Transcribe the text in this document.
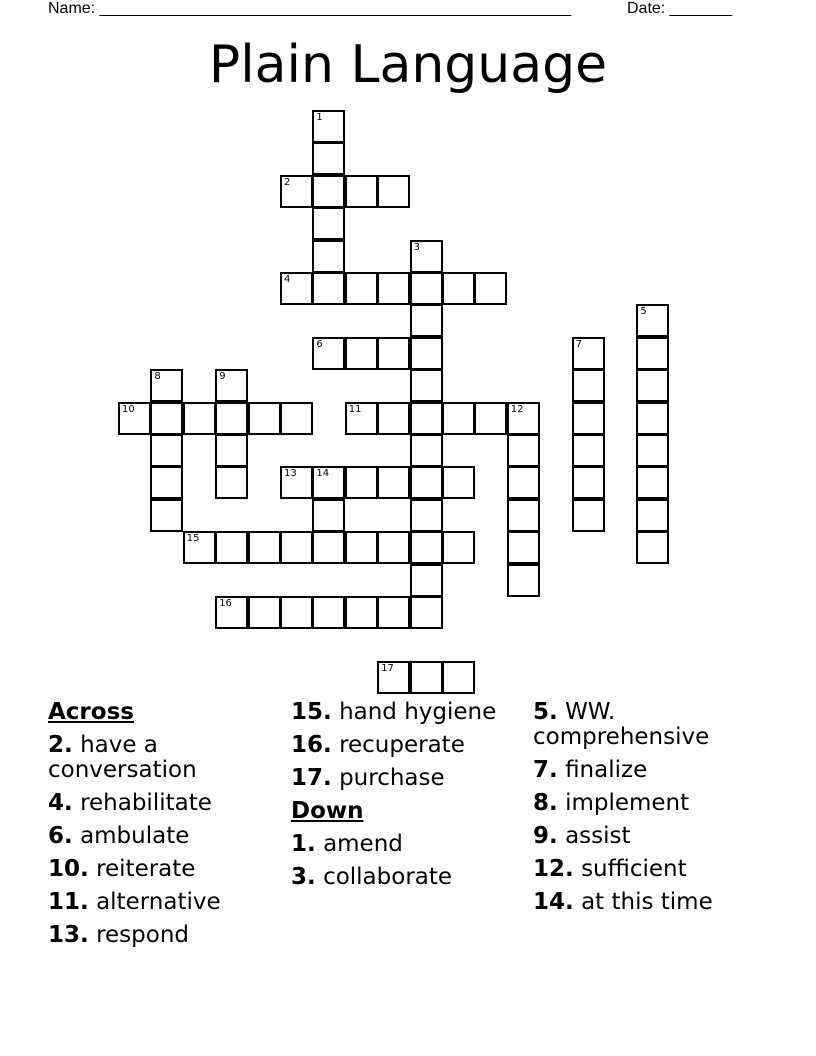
Name: _____________________________________________________	Date: _______
Plain Language
2
4
6
10	11	12
13 14
15
16
17
1
3
5
7
8	9
Across
2. have a conversation
4. rehabilitate
6. ambulate
10. reiterate
11. alternative
13. respond
15. hand hygiene
16. recuperate
17. purchase
Down
1. amend
3. collaborate
5. WW. comprehensive
7. finalize
8. implement
9. assist
12. sufficient
14. at this time
